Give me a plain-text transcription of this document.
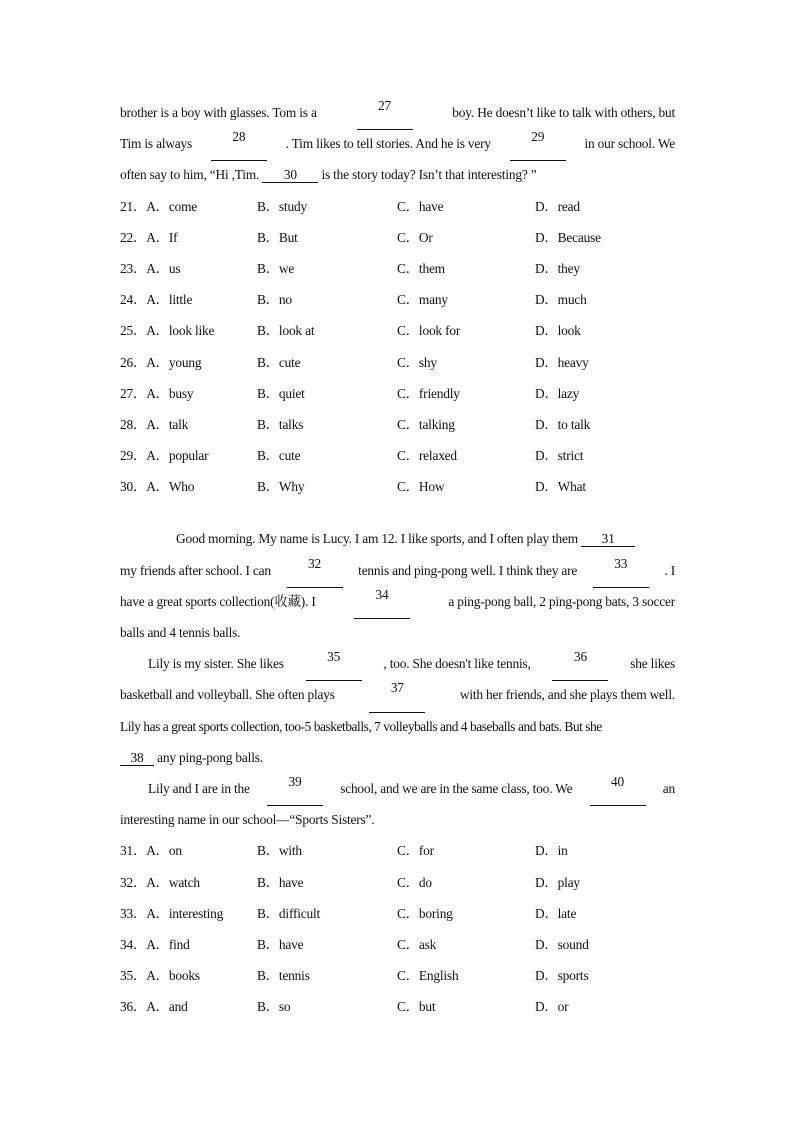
brother is a boy with glasses. Tom is a	27	boy. He doesn’t like to talk with others, but
Tim is always	28	. Tim likes to tell stories. And he is very	29	in our school. We
often say to him, “Hi ,Tim. 30 is the story today? Isn’t that interesting? ”
21．A．come	B．study	C．have	D．read
22．A．If	B．But	C．Or	D．Because
23．A．us	B．we	C．them	D．they
24．A．little	B．no	C．many	D．much
25．A．look like	B．look at	C．look for	D．look
26．A．young	B．cute	C．shy	D．heavy
27．A．busy	B．quiet	C．friendly	D．lazy
28．A．talk	B．talks	C．talking	D．to talk
29．A．popular	B．cute	C．relaxed	D．strict
30．A．Who	B．Why	C．How	D．What
Good morning. My name is Lucy. I am 12. I like sports, and I often play them 31
my friends after school. I can	32	tennis and ping-pong well. I think they are	33	. I
have a great sports collection(收藏). I	34	a ping-pong ball, 2 ping-pong bats, 3 soccer
balls and 4 tennis balls.
Lily is my sister. She likes	35	, too. She doesn't like tennis,	36	she likes
basketball and volleyball. She often plays	37	with her friends, and she plays them well.
Lily has a great sports collection, too-5 basketballs, 7 volleyballs and 4 baseballs and bats. But she
38 any ping-pong balls.
Lily and I are in the	39	school, and we are in the same class, too. We	40	an
interesting name in our school—“Sports Sisters”.
31．A．on	B．with	C．for	D．in
32．A．watch	B．have	C．do	D．play
33．A．interesting	B．difficult	C．boring	D．late
34．A．find	B．have	C．ask	D．sound
35．A．books	B．tennis	C．English	D．sports
36．A．and	B．so	C．but	D．or
